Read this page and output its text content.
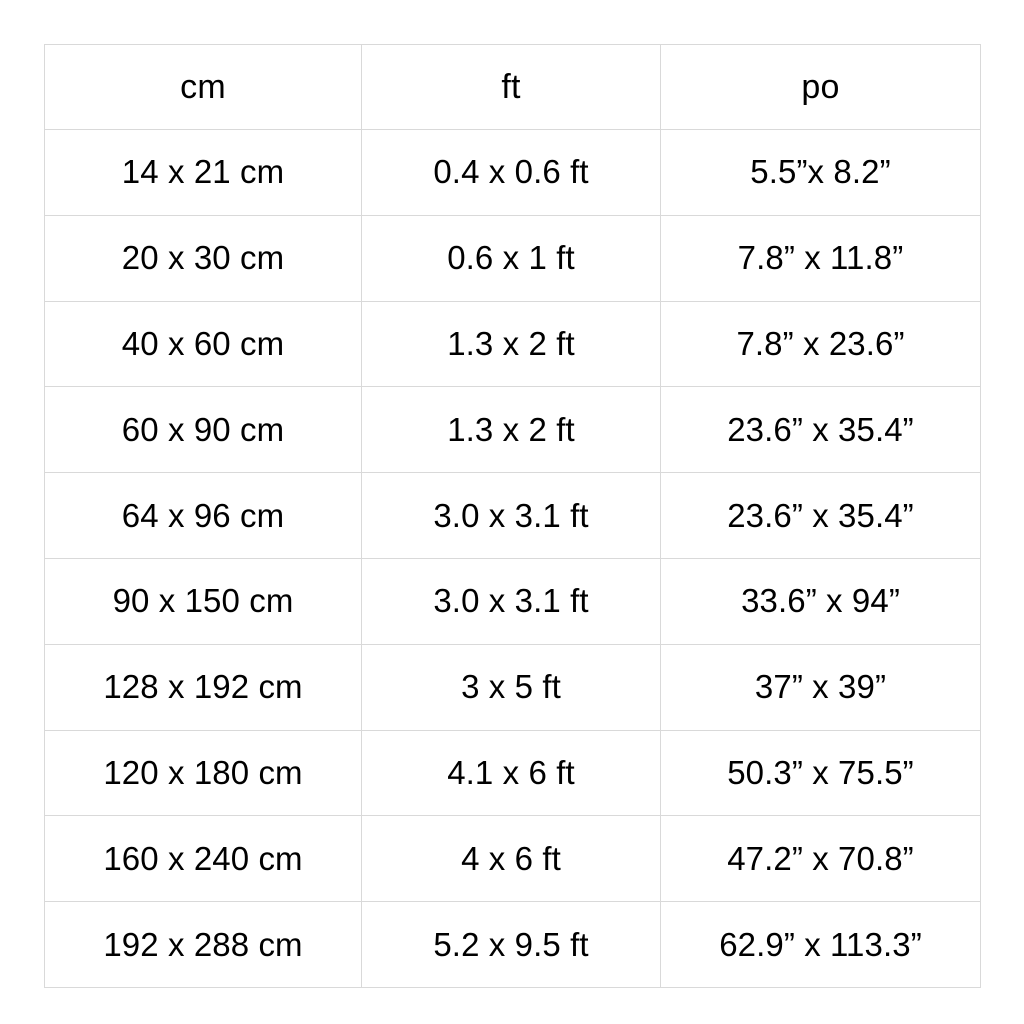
cm	ft	po
14 x 21 cm	0.4 x 0.6 ft	5.5”x 8.2”
20 x 30 cm	0.6 x 1 ft	7.8” x 11.8”
40 x 60 cm	1.3 x 2 ft	7.8” x 23.6”
60 x 90 cm	1.3 x 2 ft	23.6” x 35.4”
64 x 96 cm	3.0 x 3.1 ft	23.6” x 35.4”
90 x 150 cm	3.0 x 3.1 ft	33.6” x 94”
128 x 192 cm	3 x 5 ft	37” x 39”
120 x 180 cm	4.1 x 6 ft	50.3” x 75.5”
160 x 240 cm	4 x 6 ft	47.2” x 70.8”
192 x 288 cm	5.2 x 9.5 ft	62.9” x 113.3”
